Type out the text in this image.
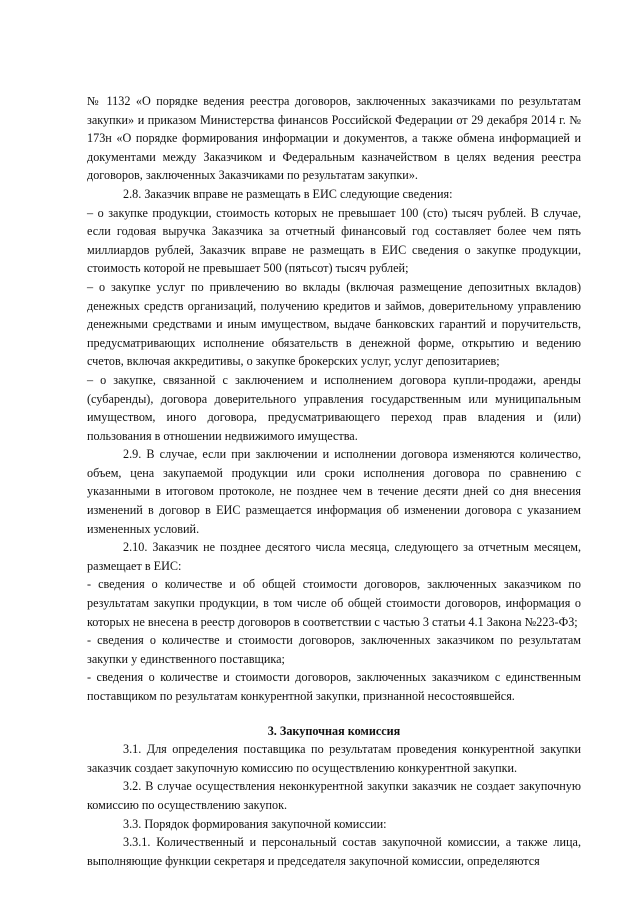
№ 1132 «О порядке ведения реестра договоров, заключенных заказчиками по результатам закупки» и приказом Министерства финансов Российской Федерации от 29 декабря 2014 г. № 173н «О порядке формирования информации и документов, а также обмена информацией и документами между Заказчиком и Федеральным казначейством в целях ведения реестра договоров, заключенных Заказчиками по результатам закупки».

2.8. Заказчик вправе не размещать в ЕИС следующие сведения:

– о закупке продукции, стоимость которых не превышает 100 (сто) тысяч рублей. В случае, если годовая выручка Заказчика за отчетный финансовый год составляет более чем пять миллиардов рублей, Заказчик вправе не размещать в ЕИС сведения о закупке продукции, стоимость которой не превышает 500 (пятьсот) тысяч рублей;

– о закупке услуг по привлечению во вклады (включая размещение депозитных вкладов) денежных средств организаций, получению кредитов и займов, доверительному управлению денежными средствами и иным имуществом, выдаче банковских гарантий и поручительств, предусматривающих исполнение обязательств в денежной форме, открытию и ведению счетов, включая аккредитивы, о закупке брокерских услуг, услуг депозитариев;

– о закупке, связанной с заключением и исполнением договора купли-продажи, аренды (субаренды), договора доверительного управления государственным или муниципальным имуществом, иного договора, предусматривающего переход прав владения и (или) пользования в отношении недвижимого имущества.

2.9. В случае, если при заключении и исполнении договора изменяются количество, объем, цена закупаемой продукции или сроки исполнения договора по сравнению с указанными в итоговом протоколе, не позднее чем в течение десяти дней со дня внесения изменений в договор в ЕИС размещается информация об изменении договора с указанием измененных условий.

2.10. Заказчик не позднее десятого числа месяца, следующего за отчетным месяцем, размещает в ЕИС:

- сведения о количестве и об общей стоимости договоров, заключенных заказчиком по результатам закупки продукции, в том числе об общей стоимости договоров, информация о которых не внесена в реестр договоров в соответствии с частью 3 статьи 4.1 Закона №223-ФЗ;

- сведения о количестве и стоимости договоров, заключенных заказчиком по результатам закупки у единственного поставщика;

- сведения о количестве и стоимости договоров, заключенных заказчиком с единственным поставщиком по результатам конкурентной закупки, признанной несостоявшейся.

3. Закупочная комиссия

3.1. Для определения поставщика по результатам проведения конкурентной закупки заказчик создает закупочную комиссию по осуществлению конкурентной закупки.

3.2. В случае осуществления неконкурентной закупки заказчик не создает закупочную комиссию по осуществлению закупок.

3.3. Порядок формирования закупочной комиссии:

3.3.1. Количественный и персональный состав закупочной комиссии, а также лица, выполняющие функции секретаря и председателя закупочной комиссии, определяются
